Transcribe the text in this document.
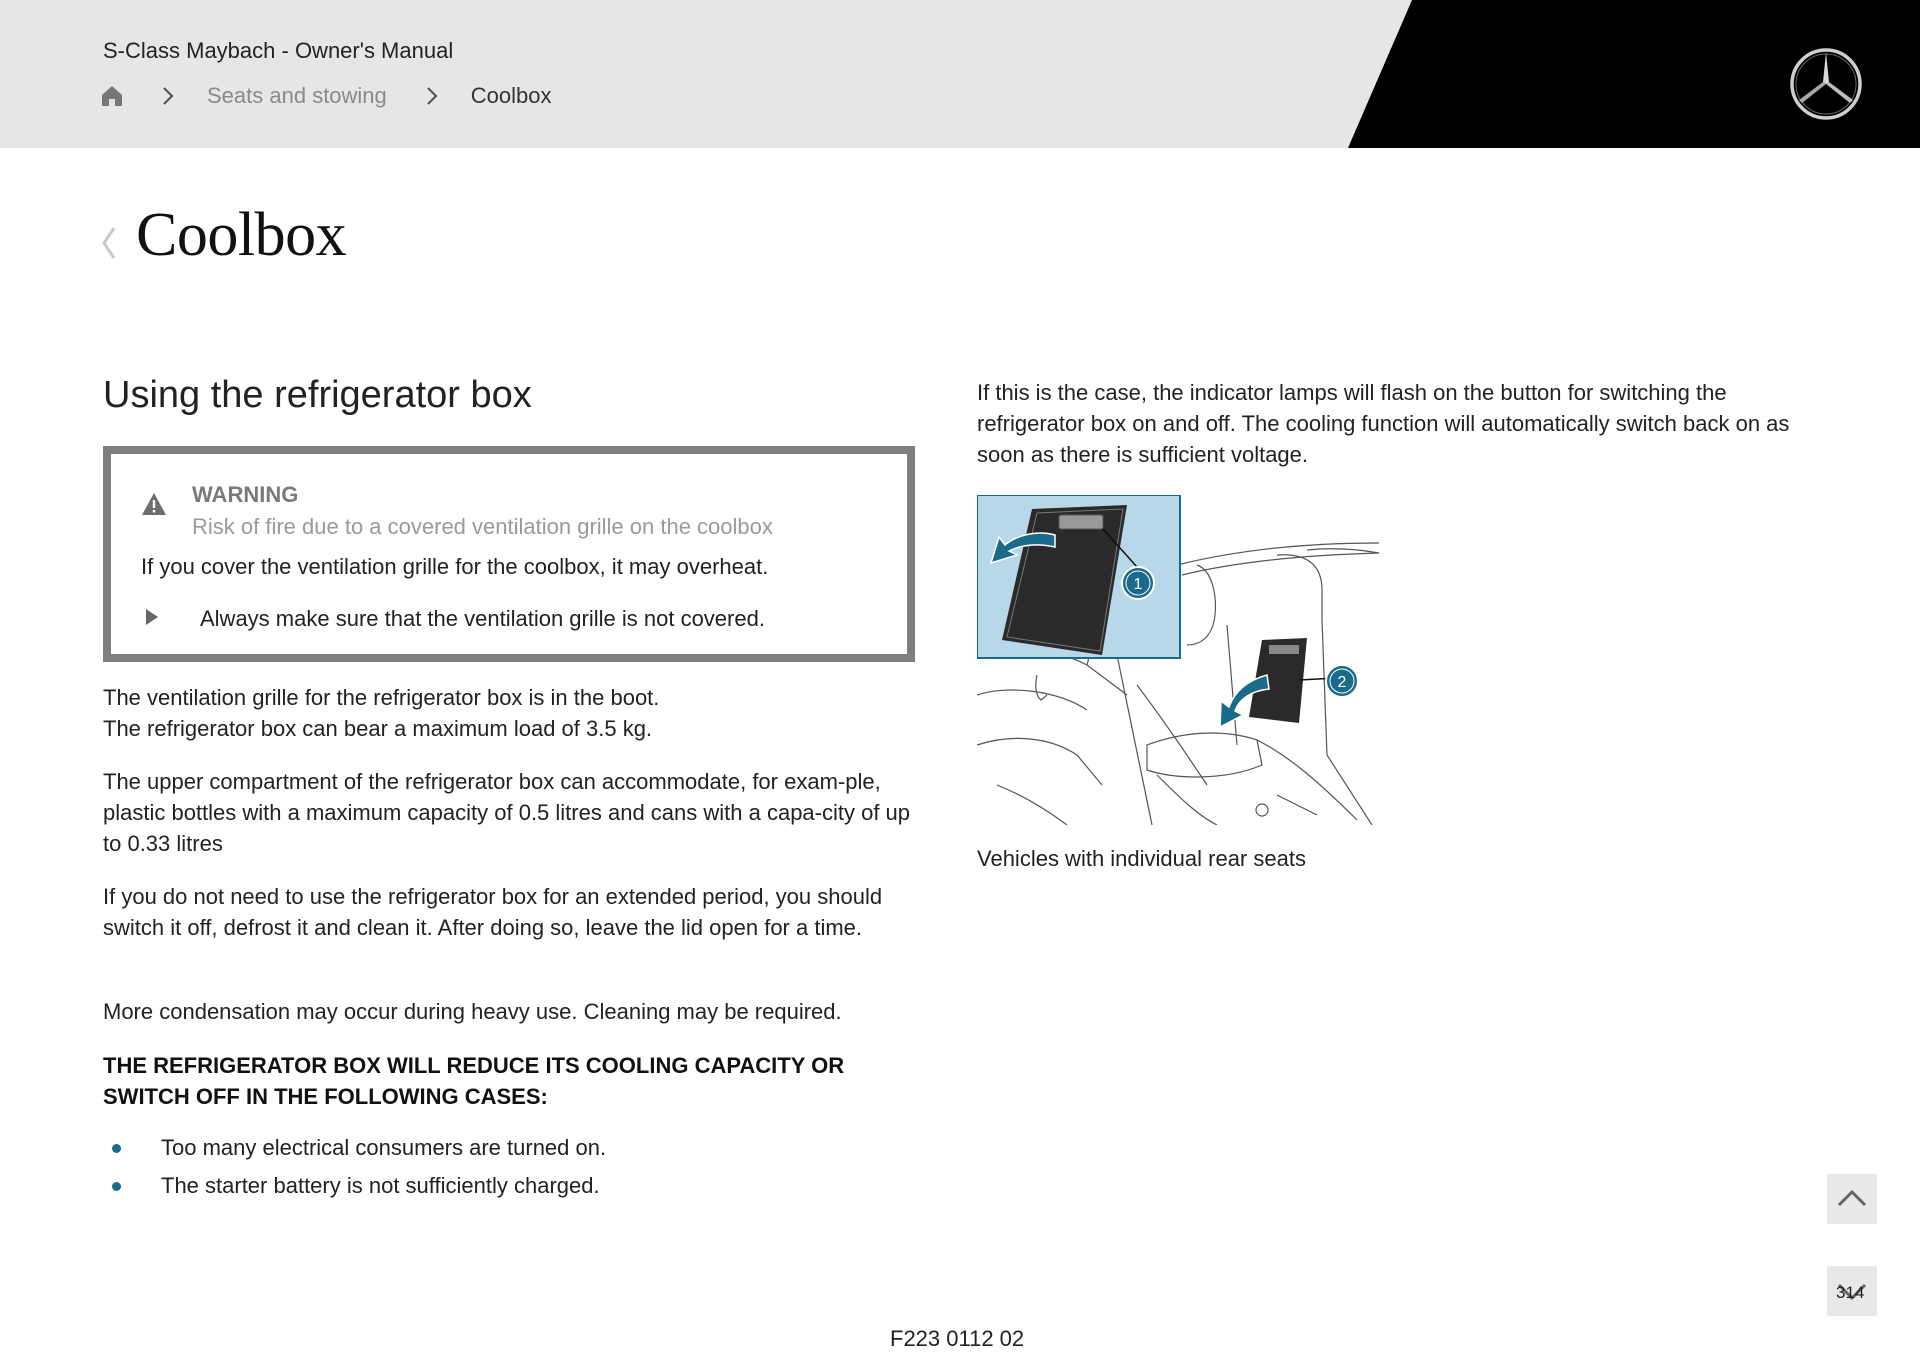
S-Class Maybach - Owner's Manual
Seats and stowing	Coolbox
Coolbox
Using the refrigerator box
WARNING
Risk of fire due to a covered ventilation grille on the coolbox
If you cover the ventilation grille for the coolbox, it may overheat.
Always make sure that the ventilation grille is not covered.

The ventilation grille for the refrigerator box is in the boot.
The refrigerator box can bear a maximum load of 3.5 kg.

The upper compartment of the refrigerator box can accommodate, for exam-ple, plastic bottles with a maximum capacity of 0.5 litres and cans with a capa-city of up to 0.33 litres

If you do not need to use the refrigerator box for an extended period, you should switch it off, defrost it and clean it. After doing so, leave the lid open for a time.

More condensation may occur during heavy use. Cleaning may be required.

THE REFRIGERATOR BOX WILL REDUCE ITS COOLING CAPACITY OR SWITCH OFF IN THE FOLLOWING CASES:

Too many electrical consumers are turned on.
The starter battery is not sufficiently charged.

If this is the case, the indicator lamps will flash on the button for switching the refrigerator box on and off. The cooling function will automatically switch back on as soon as there is sufficient voltage.

1
2
Vehicles with individual rear seats
314
F223 0112 02
